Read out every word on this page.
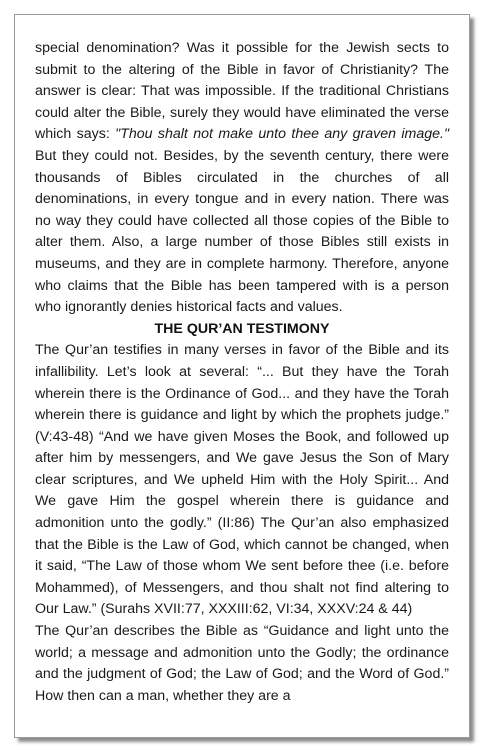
special denomination? Was it possible for the Jewish sects to submit to the altering of the Bible in favor of Christianity? The answer is clear: That was impossible. If the traditional Christians could alter the Bible, surely they would have eliminated the verse which says: "Thou shalt not make unto thee any graven image." But they could not. Besides, by the seventh century, there were thousands of Bibles circulated in the churches of all denominations, in every tongue and in every nation. There was no way they could have collected all those copies of the Bible to alter them. Also, a large number of those Bibles still exists in museums, and they are in complete harmony. Therefore, anyone who claims that the Bible has been tampered with is a person who ignorantly denies historical facts and values.

THE QUR’AN TESTIMONY

The Qur’an testifies in many verses in favor of the Bible and its infallibility. Let’s look at several: “... But they have the Torah wherein there is the Ordinance of God... and they have the Torah wherein there is guidance and light by which the prophets judge.” (V:43-48) “And we have given Moses the Book, and followed up after him by messengers, and We gave Jesus the Son of Mary clear scriptures, and We upheld Him with the Holy Spirit... And We gave Him the gospel wherein there is guidance and admonition unto the godly.” (II:86) The Qur’an also emphasized that the Bible is the Law of God, which cannot be changed, when it said, “The Law of those whom We sent before thee (i.e. before Mohammed), of Messengers, and thou shalt not find altering to Our Law.” (Surahs XVII:77, XXXIII:62, VI:34, XXXV:24 & 44)

The Qur’an describes the Bible as “Guidance and light unto the world; a message and admonition unto the Godly; the ordinance and the judgment of God; the Law of God; and the Word of God.” How then can a man, whether they are a
